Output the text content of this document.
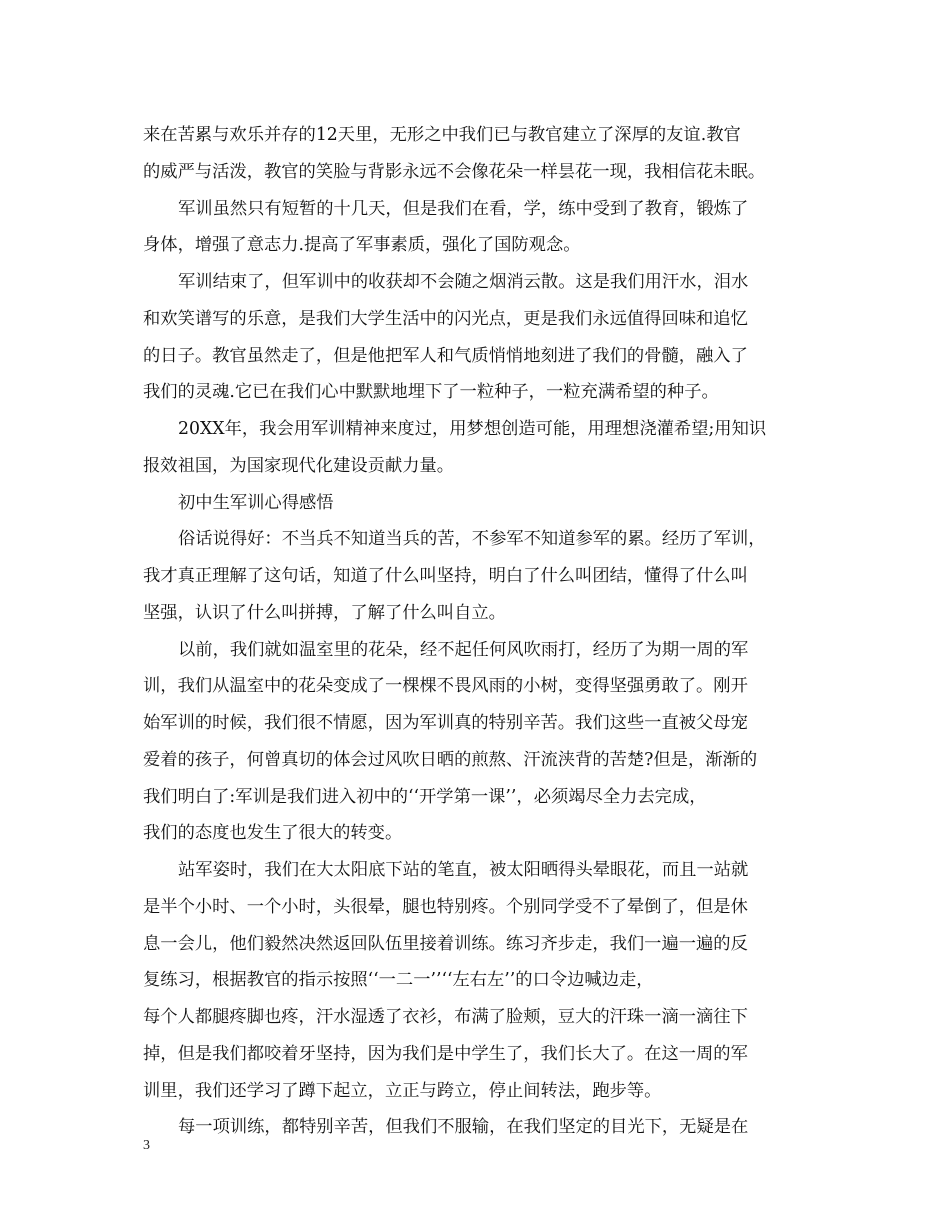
来在苦累与欢乐并存的12天里，无形之中我们已与教官建立了深厚的友谊.教官
的威严与活泼，教官的笑脸与背影永远不会像花朵一样昙花一现，我相信花未眠。
军训虽然只有短暂的十几天，但是我们在看，学，练中受到了教育，锻炼了
身体，增强了意志力.提高了军事素质，强化了国防观念。
军训结束了，但军训中的收获却不会随之烟消云散。这是我们用汗水，泪水
和欢笑谱写的乐意，是我们大学生活中的闪光点，更是我们永远值得回味和追忆
的日子。教官虽然走了，但是他把军人和气质悄悄地刻进了我们的骨髓，融入了
我们的灵魂.它已在我们心中默默地埋下了一粒种子，一粒充满希望的种子。
20XX年，我会用军训精神来度过，用梦想创造可能，用理想浇灌希望;用知识
报效祖国，为国家现代化建设贡献力量。
初中生军训心得感悟
俗话说得好：不当兵不知道当兵的苦，不参军不知道参军的累。经历了军训，
我才真正理解了这句话，知道了什么叫坚持，明白了什么叫团结，懂得了什么叫
坚强，认识了什么叫拼搏，了解了什么叫自立。
以前，我们就如温室里的花朵，经不起任何风吹雨打，经历了为期一周的军
训，我们从温室中的花朵变成了一棵棵不畏风雨的小树，变得坚强勇敢了。刚开
始军训的时候，我们很不情愿，因为军训真的特别辛苦。我们这些一直被父母宠
爱着的孩子，何曾真切的体会过风吹日晒的煎熬、汗流浃背的苦楚?但是，渐渐的
我们明白了:军训是我们进入初中的‘‘开学第一课’’，必须竭尽全力去完成，
我们的态度也发生了很大的转变。
站军姿时，我们在大太阳底下站的笔直，被太阳晒得头晕眼花，而且一站就
是半个小时、一个小时，头很晕，腿也特别疼。个别同学受不了晕倒了，但是休
息一会儿，他们毅然决然返回队伍里接着训练。练习齐步走，我们一遍一遍的反
复练习，根据教官的指示按照‘‘一二一’’‘‘左右左’’的口令边喊边走，
每个人都腿疼脚也疼，汗水湿透了衣衫，布满了脸颊，豆大的汗珠一滴一滴往下
掉，但是我们都咬着牙坚持，因为我们是中学生了，我们长大了。在这一周的军
训里，我们还学习了蹲下起立，立正与跨立，停止间转法，跑步等。
每一项训练，都特别辛苦，但我们不服输，在我们坚定的目光下，无疑是在
3
